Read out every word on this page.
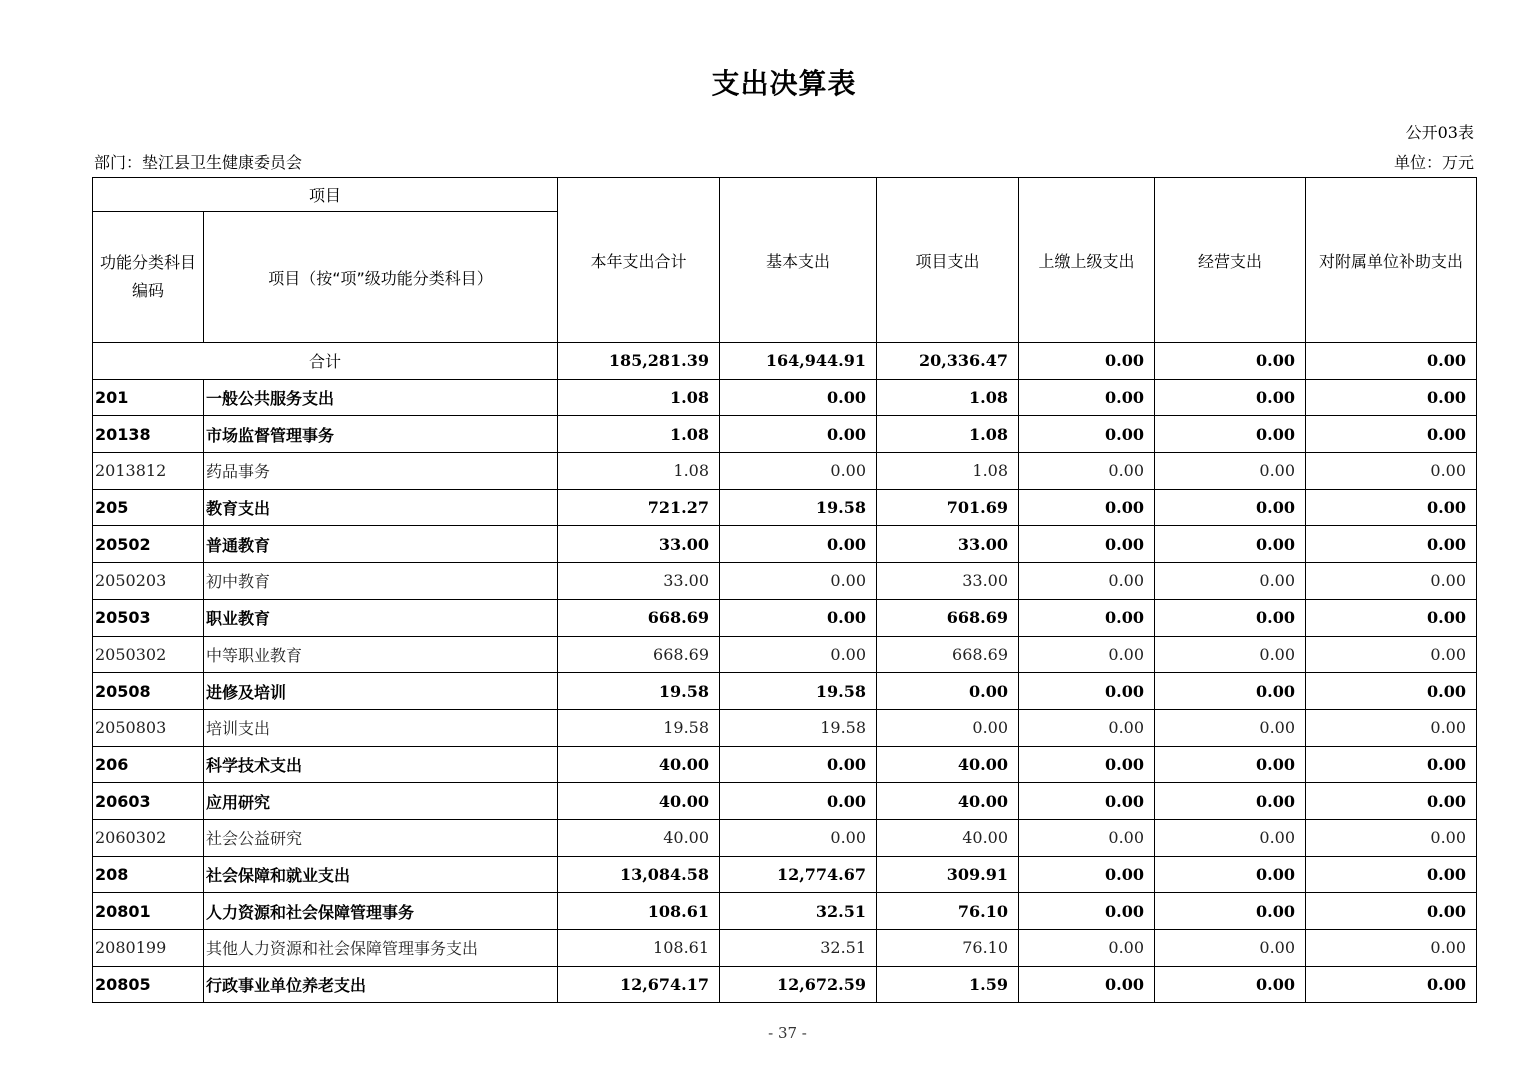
支出决算表
公开03表
部门：垫江县卫生健康委员会	单位：万元
项目		本年支出合计	基本支出	项目支出	上缴上级支出	经营支出	对附属单位补助支出
功能分类科目编码	项目（按“项”级功能分类科目）						
合计		185,281.39	164,944.91	20,336.47	0.00	0.00	0.00
201	一般公共服务支出	1.08	0.00	1.08	0.00	0.00	0.00
20138	市场监督管理事务	1.08	0.00	1.08	0.00	0.00	0.00
2013812	药品事务	1.08	0.00	1.08	0.00	0.00	0.00
205	教育支出	721.27	19.58	701.69	0.00	0.00	0.00
20502	普通教育	33.00	0.00	33.00	0.00	0.00	0.00
2050203	初中教育	33.00	0.00	33.00	0.00	0.00	0.00
20503	职业教育	668.69	0.00	668.69	0.00	0.00	0.00
2050302	中等职业教育	668.69	0.00	668.69	0.00	0.00	0.00
20508	进修及培训	19.58	19.58	0.00	0.00	0.00	0.00
2050803	培训支出	19.58	19.58	0.00	0.00	0.00	0.00
206	科学技术支出	40.00	0.00	40.00	0.00	0.00	0.00
20603	应用研究	40.00	0.00	40.00	0.00	0.00	0.00
2060302	社会公益研究	40.00	0.00	40.00	0.00	0.00	0.00
208	社会保障和就业支出	13,084.58	12,774.67	309.91	0.00	0.00	0.00
20801	人力资源和社会保障管理事务	108.61	32.51	76.10	0.00	0.00	0.00
2080199	其他人力资源和社会保障管理事务支出	108.61	32.51	76.10	0.00	0.00	0.00
20805	行政事业单位养老支出	12,674.17	12,672.59	1.59	0.00	0.00	0.00
- 37 -
